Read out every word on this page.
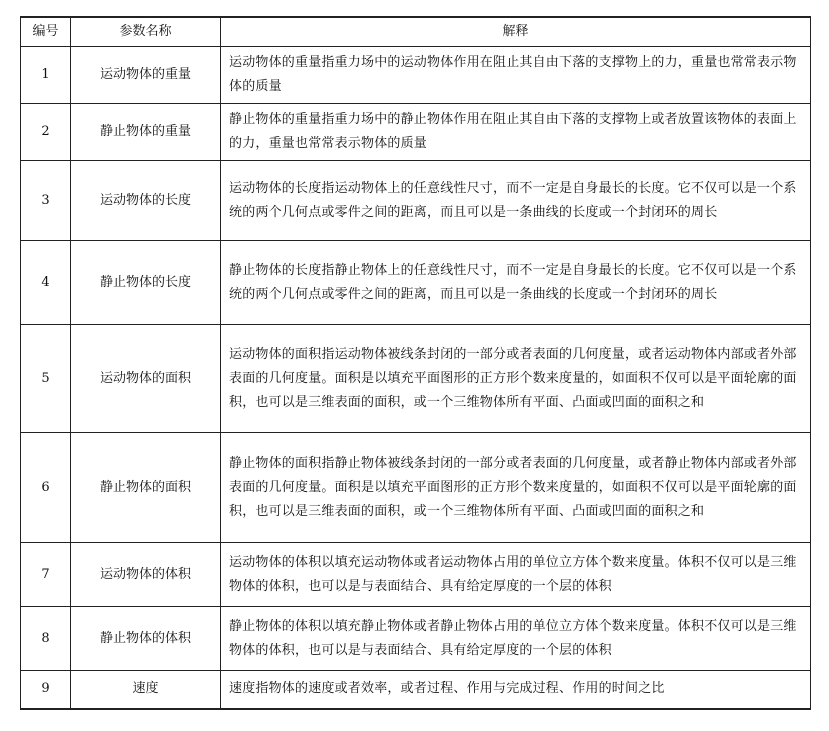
编号	参数名称	解释
1	运动物体的重量	运动物体的重量指重力场中的运动物体作用在阻止其自由下落的支撑物上的力，重量也常常表示物体的质量
2	静止物体的重量	静止物体的重量指重力场中的静止物体作用在阻止其自由下落的支撑物上或者放置该物体的表面上的力，重量也常常表示物体的质量
3	运动物体的长度	运动物体的长度指运动物体上的任意线性尺寸，而不一定是自身最长的长度。它不仅可以是一个系统的两个几何点或零件之间的距离，而且可以是一条曲线的长度或一个封闭环的周长
4	静止物体的长度	静止物体的长度指静止物体上的任意线性尺寸，而不一定是自身最长的长度。它不仅可以是一个系统的两个几何点或零件之间的距离，而且可以是一条曲线的长度或一个封闭环的周长
5	运动物体的面积	运动物体的面积指运动物体被线条封闭的一部分或者表面的几何度量，或者运动物体内部或者外部表面的几何度量。面积是以填充平面图形的正方形个数来度量的，如面积不仅可以是平面轮廓的面积，也可以是三维表面的面积，或一个三维物体所有平面、凸面或凹面的面积之和
6	静止物体的面积	静止物体的面积指静止物体被线条封闭的一部分或者表面的几何度量，或者静止物体内部或者外部表面的几何度量。面积是以填充平面图形的正方形个数来度量的，如面积不仅可以是平面轮廓的面积，也可以是三维表面的面积，或一个三维物体所有平面、凸面或凹面的面积之和
7	运动物体的体积	运动物体的体积以填充运动物体或者运动物体占用的单位立方体个数来度量。体积不仅可以是三维物体的体积，也可以是与表面结合、具有给定厚度的一个层的体积
8	静止物体的体积	静止物体的体积以填充静止物体或者静止物体占用的单位立方体个数来度量。体积不仅可以是三维物体的体积，也可以是与表面结合、具有给定厚度的一个层的体积
9	速度	速度指物体的速度或者效率，或者过程、作用与完成过程、作用的时间之比
